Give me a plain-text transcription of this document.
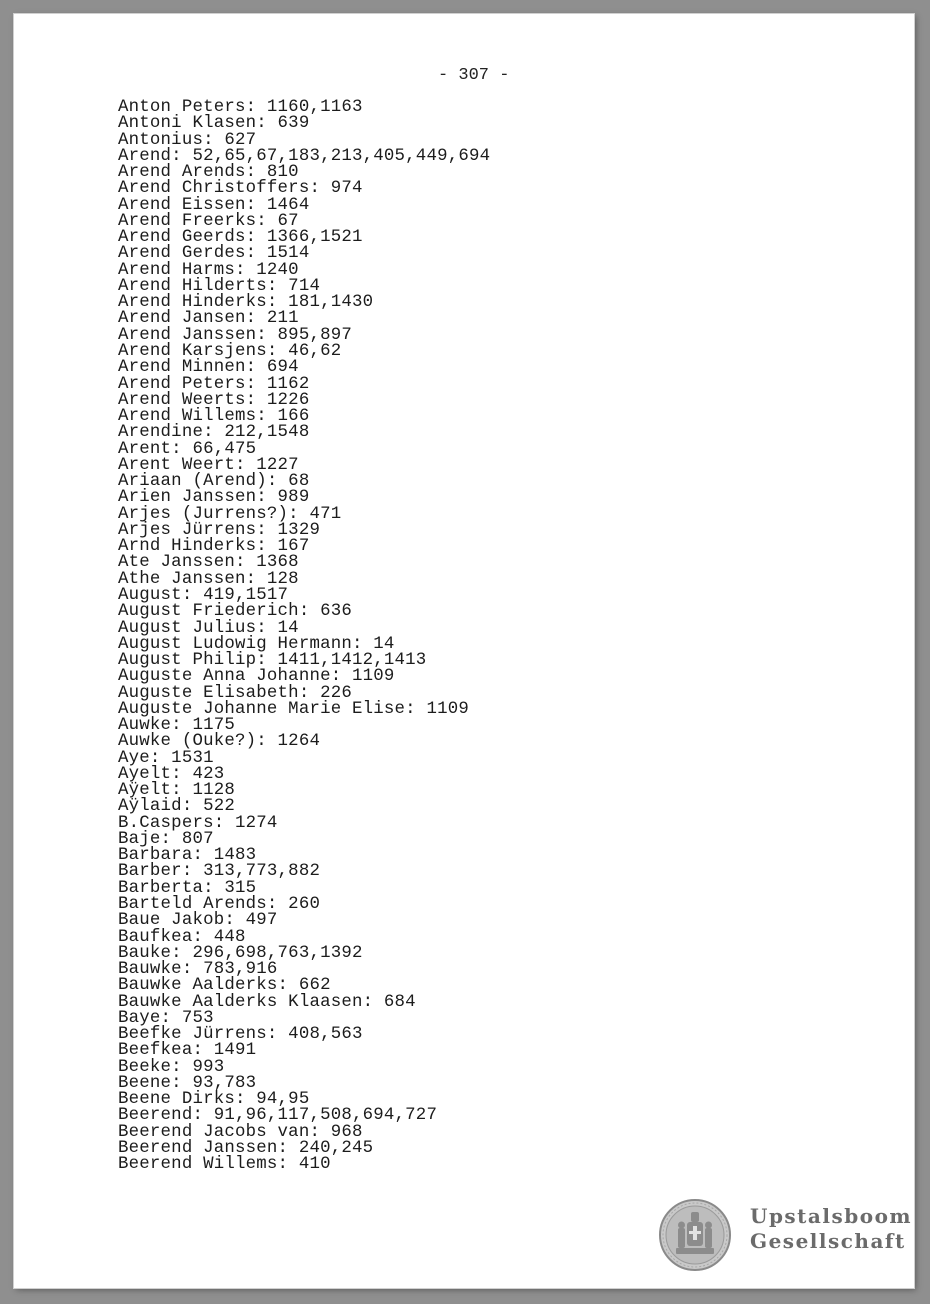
- 307 -
Anton Peters: 1160,1163
Antoni Klasen: 639
Antonius: 627
Arend: 52,65,67,183,213,405,449,694
Arend Arends: 810
Arend Christoffers: 974
Arend Eissen: 1464
Arend Freerks: 67
Arend Geerds: 1366,1521
Arend Gerdes: 1514
Arend Harms: 1240
Arend Hilderts: 714
Arend Hinderks: 181,1430
Arend Jansen: 211
Arend Janssen: 895,897
Arend Karsjens: 46,62
Arend Minnen: 694
Arend Peters: 1162
Arend Weerts: 1226
Arend Willems: 166
Arendine: 212,1548
Arent: 66,475
Arent Weert: 1227
Ariaan (Arend): 68
Arien Janssen: 989
Arjes (Jurrens?): 471
Arjes Jürrens: 1329
Arnd Hinderks: 167
Ate Janssen: 1368
Athe Janssen: 128
August: 419,1517
August Friederich: 636
August Julius: 14
August Ludowig Hermann: 14
August Philip: 1411,1412,1413
Auguste Anna Johanne: 1109
Auguste Elisabeth: 226
Auguste Johanne Marie Elise: 1109
Auwke: 1175
Auwke (Ouke?): 1264
Aye: 1531
Ayelt: 423
Aÿelt: 1128
Aÿlaid: 522
B.Caspers: 1274
Baje: 807
Barbara: 1483
Barber: 313,773,882
Barberta: 315
Barteld Arends: 260
Baue Jakob: 497
Baufkea: 448
Bauke: 296,698,763,1392
Bauwke: 783,916
Bauwke Aalderks: 662
Bauwke Aalderks Klaasen: 684
Baye: 753
Beefke Jürrens: 408,563
Beefkea: 1491
Beeke: 993
Beene: 93,783
Beene Dirks: 94,95
Beerend: 91,96,117,508,694,727
Beerend Jacobs van: 968
Beerend Janssen: 240,245
Beerend Willems: 410
Upstalsboom
Gesellschaft
